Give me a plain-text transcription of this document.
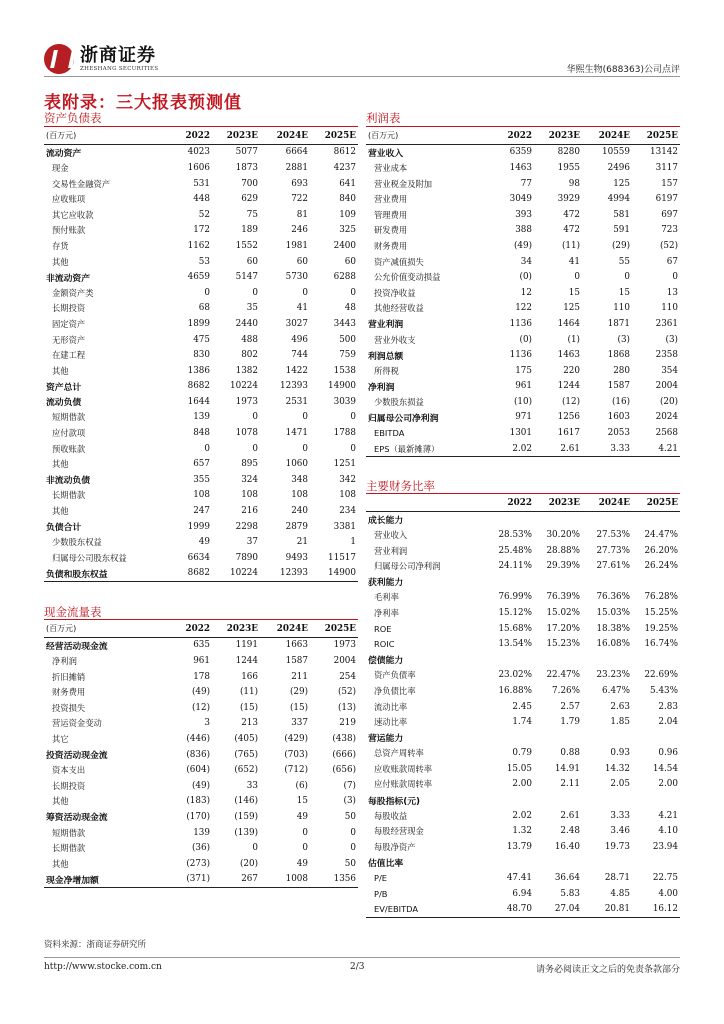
浙商证券
ZHESHANG SECURITIES	华熙生物(688363)公司点评
表附录：三大报表预测值
资产负债表
(百万元)	2022	2023E	2024E	2025E
流动资产	4023	5077	6664	8612
现金	1606	1873	2881	4237
交易性金融资产	531	700	693	641
应收账项	448	629	722	840
其它应收款	52	75	81	109
预付账款	172	189	246	325
存货	1162	1552	1981	2400
其他	53	60	60	60
非流动资产	4659	5147	5730	6288
金额资产类	0	0	0	0
长期投资	68	35	41	48
固定资产	1899	2440	3027	3443
无形资产	475	488	496	500
在建工程	830	802	744	759
其他	1386	1382	1422	1538
资产总计	8682	10224	12393	14900
流动负债	1644	1973	2531	3039
短期借款	139	0	0	0
应付款项	848	1078	1471	1788
预收账款	0	0	0	0
其他	657	895	1060	1251
非流动负债	355	324	348	342
长期借款	108	108	108	108
其他	247	216	240	234
负债合计	1999	2298	2879	3381
少数股东权益	49	37	21	1
归属母公司股东权益	6634	7890	9493	11517
负债和股东权益	8682	10224	12393	14900
利润表
(百万元)	2022	2023E	2024E	2025E
营业收入	6359	8280	10559	13142
营业成本	1463	1955	2496	3117
营业税金及附加	77	98	125	157
营业费用	3049	3929	4994	6197
管理费用	393	472	581	697
研发费用	388	472	591	723
财务费用	(49)	(11)	(29)	(52)
资产减值损失	34	41	55	67
公允价值变动损益	(0)	0	0	0
投资净收益	12	15	15	13
其他经营收益	122	125	110	110
营业利润	1136	1464	1871	2361
营业外收支	(0)	(1)	(3)	(3)
利润总额	1136	1463	1868	2358
所得税	175	220	280	354
净利润	961	1244	1587	2004
少数股东损益	(10)	(12)	(16)	(20)
归属母公司净利润	971	1256	1603	2024
EBITDA	1301	1617	2053	2568
EPS（最新摊薄）	2.02	2.61	3.33	4.21
主要财务比率
	2022	2023E	2024E	2025E
成长能力				
营业收入	28.53%	30.20%	27.53%	24.47%
营业利润	25.48%	28.88%	27.73%	26.20%
归属母公司净利润	24.11%	29.39%	27.61%	26.24%
获利能力				
毛利率	76.99%	76.39%	76.36%	76.28%
净利率	15.12%	15.02%	15.03%	15.25%
ROE	15.68%	17.20%	18.38%	19.25%
ROIC	13.54%	15.23%	16.08%	16.74%
偿债能力				
资产负债率	23.02%	22.47%	23.23%	22.69%
净负债比率	16.88%	7.26%	6.47%	5.43%
流动比率	2.45	2.57	2.63	2.83
速动比率	1.74	1.79	1.85	2.04
营运能力				
总资产周转率	0.79	0.88	0.93	0.96
应收账款周转率	15.05	14.91	14.32	14.54
应付账款周转率	2.00	2.11	2.05	2.00
每股指标(元)				
每股收益	2.02	2.61	3.33	4.21
每股经营现金	1.32	2.48	3.46	4.10
每股净资产	13.79	16.40	19.73	23.94
估值比率				
P/E	47.41	36.64	28.71	22.75
P/B	6.94	5.83	4.85	4.00
EV/EBITDA	48.70	27.04	20.81	16.12
现金流量表
(百万元)	2022	2023E	2024E	2025E
经营活动现金流	635	1191	1663	1973
净利润	961	1244	1587	2004
折旧摊销	178	166	211	254
财务费用	(49)	(11)	(29)	(52)
投资损失	(12)	(15)	(15)	(13)
营运资金变动	3	213	337	219
其它	(446)	(405)	(429)	(438)
投资活动现金流	(836)	(765)	(703)	(666)
资本支出	(604)	(652)	(712)	(656)
长期投资	(49)	33	(6)	(7)
其他	(183)	(146)	15	(3)
筹资活动现金流	(170)	(159)	49	50
短期借款	139	(139)	0	0
长期借款	(36)	0	0	0
其他	(273)	(20)	49	50
现金净增加额	(371)	267	1008	1356
资料来源：浙商证券研究所
http://www.stocke.com.cn	2/3	请务必阅读正文之后的免责条款部分
